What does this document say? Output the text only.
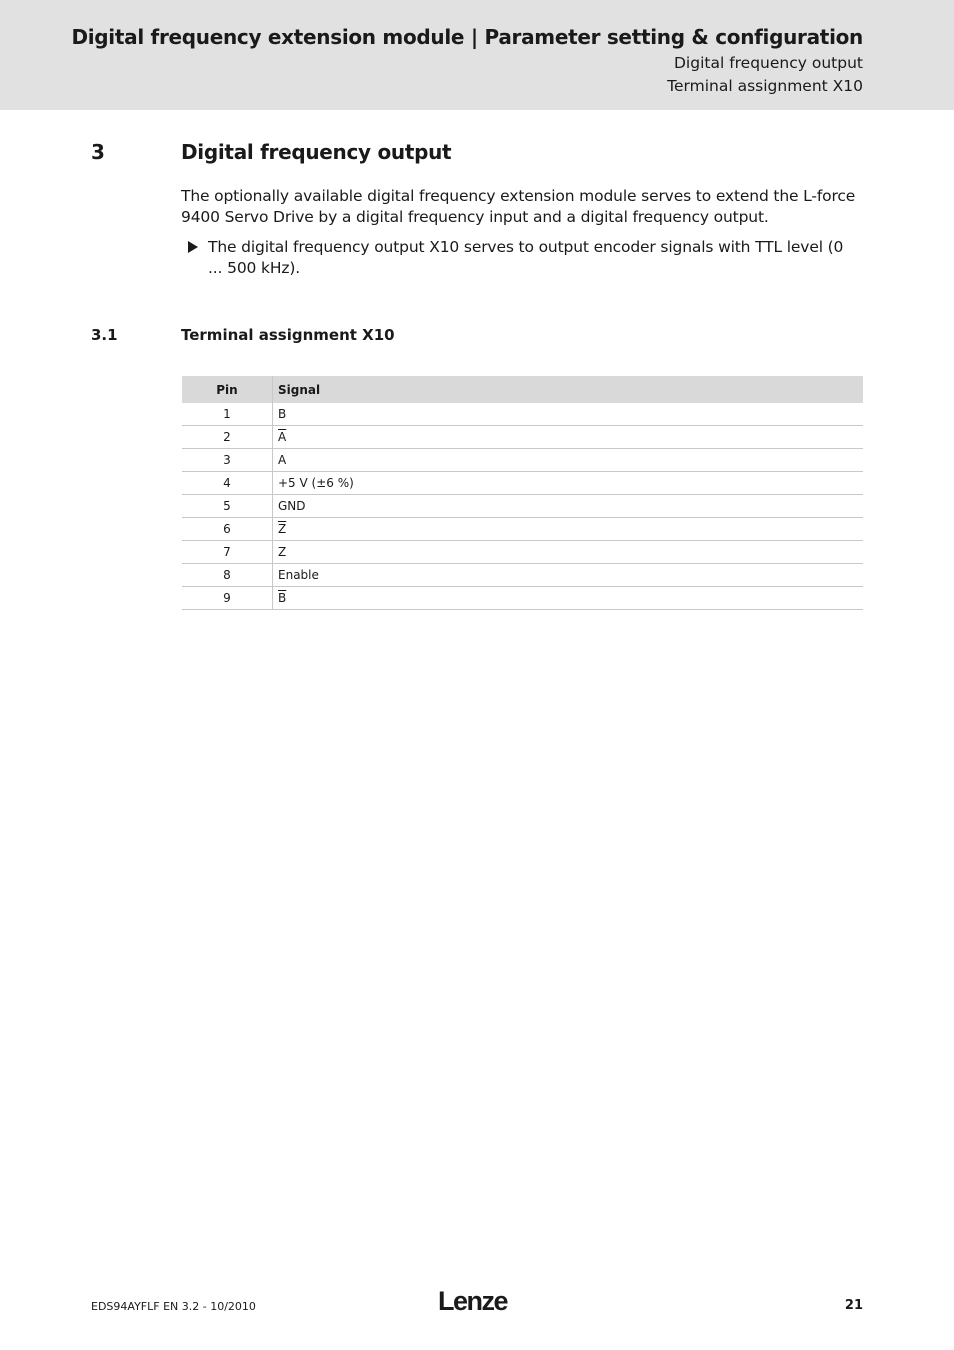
Digital frequency extension module | Parameter setting & configuration
Digital frequency output
Terminal assignment X10
3	Digital frequency output
The optionally available digital frequency extension module serves to extend the L-force 9400 Servo Drive by a digital frequency input and a digital frequency output.
The digital frequency output X10 serves to output encoder signals with TTL level (0 ... 500 kHz).
3.1	Terminal assignment X10
Pin	Signal
1	B
2	$\overline{A}$
3	A
4	+5 V (±6 %)
5	GND
6	$\overline{Z}$
7	Z
8	Enable
9	$\overline{B}$
EDS94AYFLF EN 3.2 - 10/2010	Lenze	21
